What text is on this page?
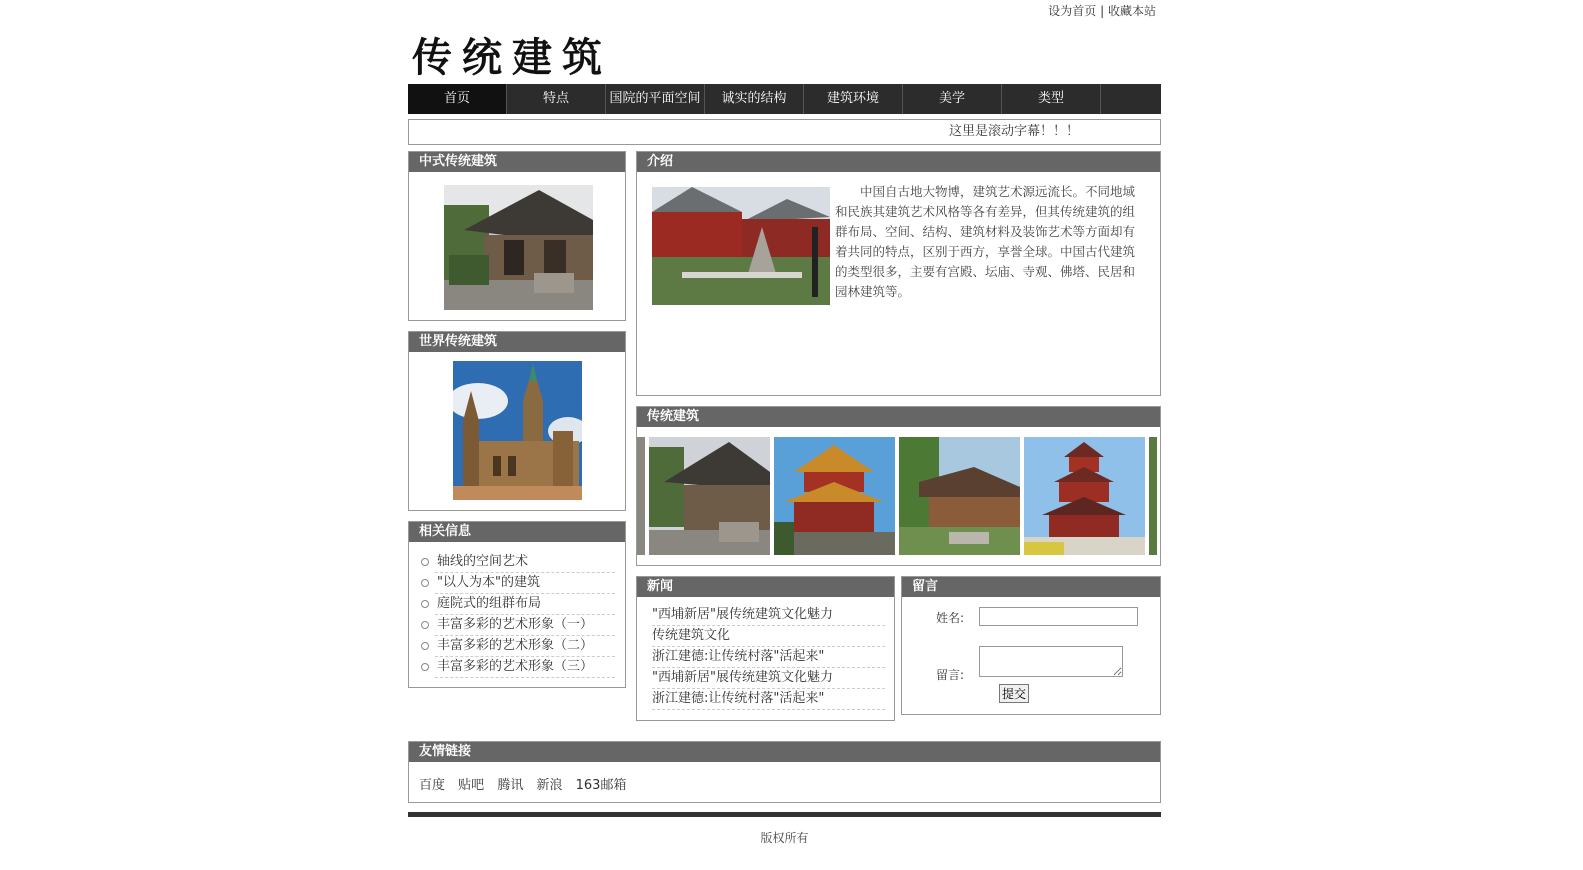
设为首页 | 收藏本站
传统建筑
首页	特点	国院的平面空间	诚实的结构	建筑环境	美学	类型
这里是滚动字幕！！！
中式传统建筑
世界传统建筑
相关信息
轴线的空间艺术
"以人为本"的建筑
庭院式的组群布局
丰富多彩的艺术形象（一）
丰富多彩的艺术形象（二）
丰富多彩的艺术形象（三）
介绍
中国自古地大物博，建筑艺术源远流长。不同地域和民族其建筑艺术风格等各有差异，但其传统建筑的组群布局、空间、结构、建筑材料及装饰艺术等方面却有着共同的特点，区别于西方，享誉全球。中国古代建筑的类型很多，主要有宫殿、坛庙、寺观、佛塔、民居和园林建筑等。
传统建筑
新闻
"西埔新居"展传统建筑文化魅力
传统建筑文化
浙江建德:让传统村落"活起来"
"西埔新居"展传统建筑文化魅力
浙江建德:让传统村落"活起来"
留言
姓名:
留言:
提交
友情链接
百度 贴吧 腾讯 新浪 163邮箱
版权所有
